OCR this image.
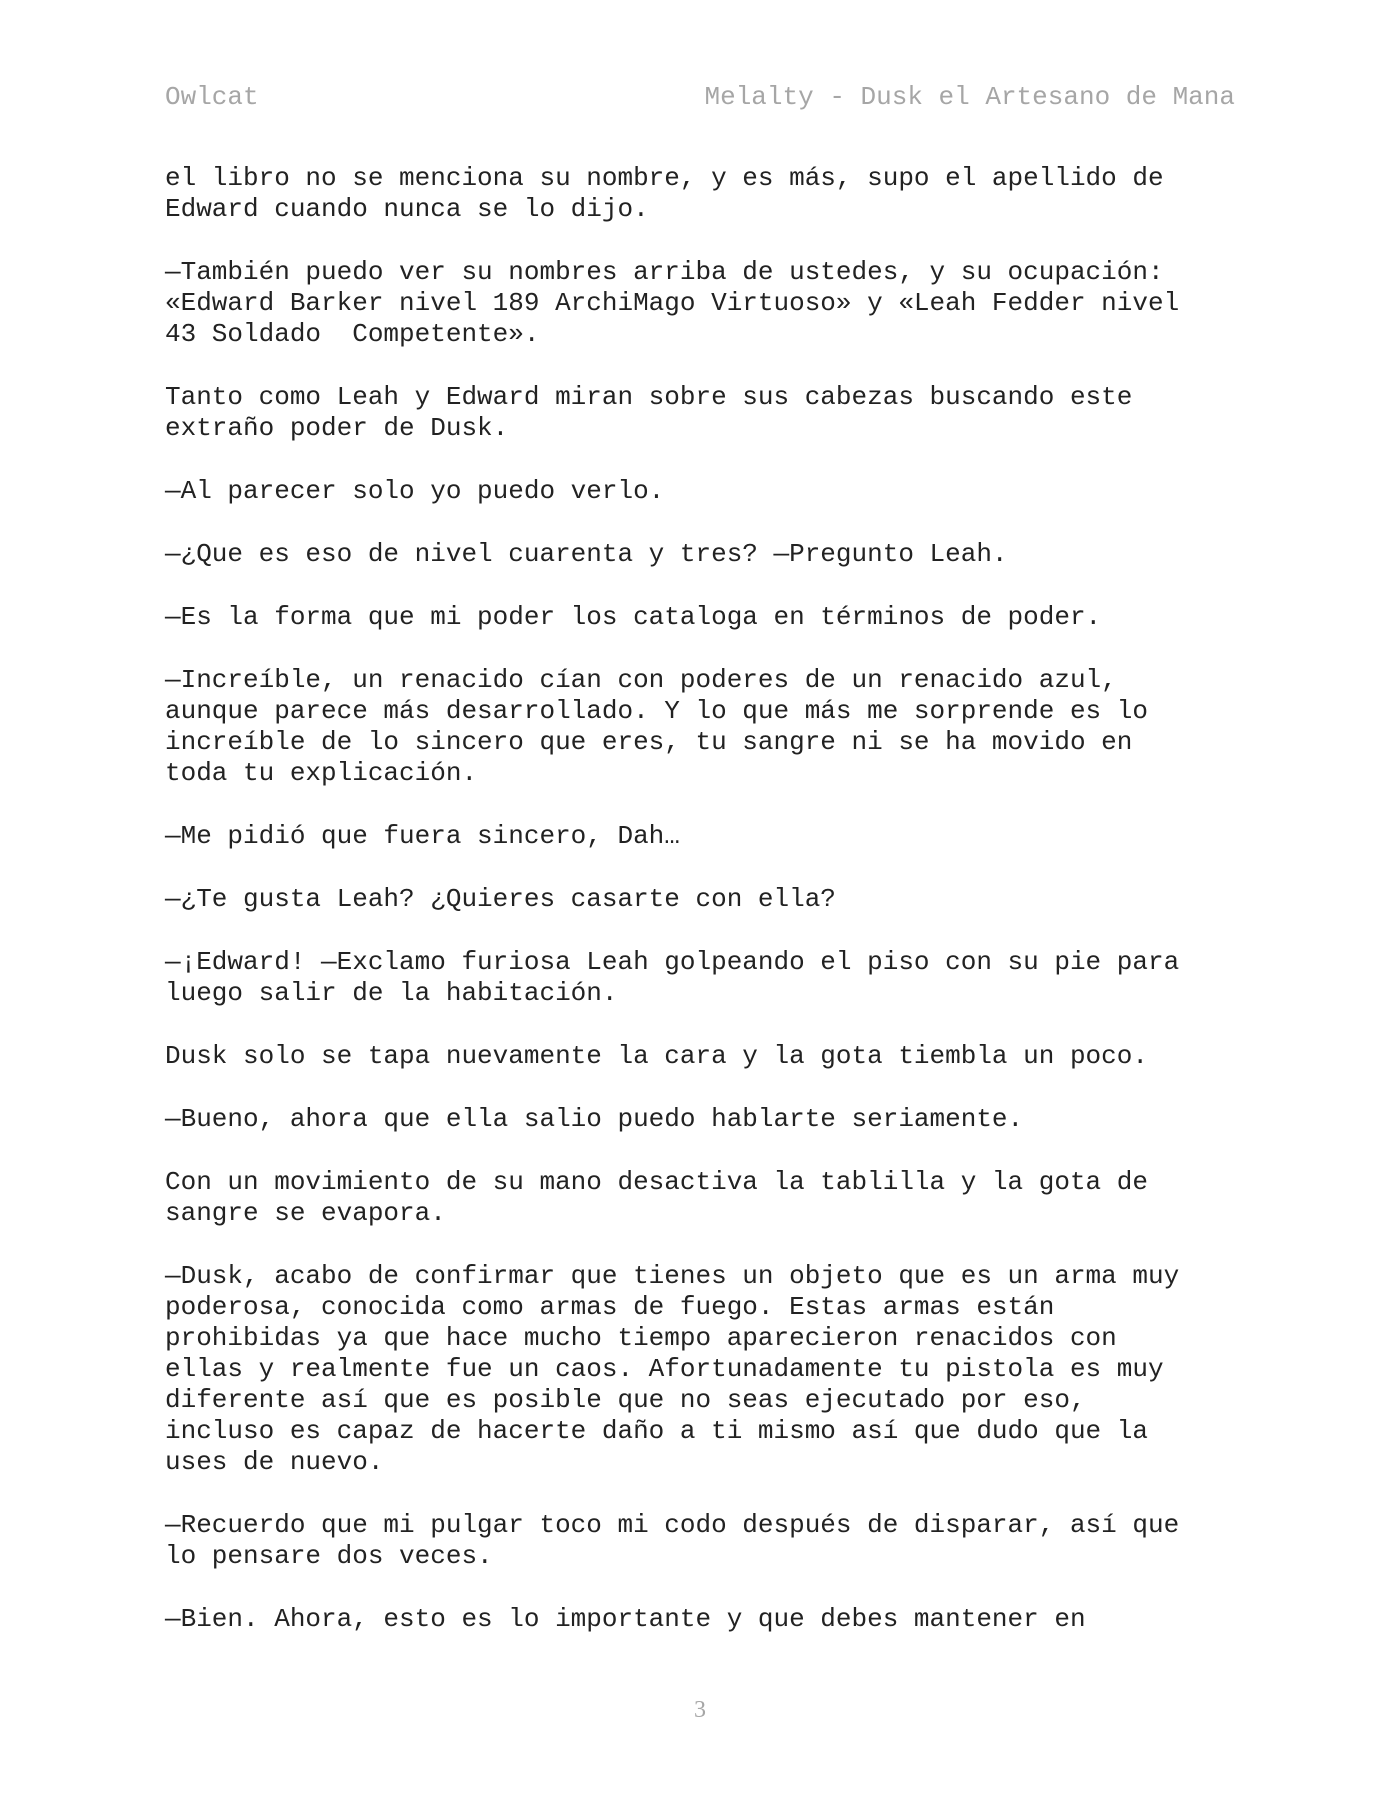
Owlcat	Melalty - Dusk el Artesano de Mana
el libro no se menciona su nombre, y es más, supo el apellido de
Edward cuando nunca se lo dijo.
—También puedo ver su nombres arriba de ustedes, y su ocupación:
«Edward Barker nivel 189 ArchiMago Virtuoso» y «Leah Fedder nivel
43 Soldado  Competente».
Tanto como Leah y Edward miran sobre sus cabezas buscando este
extraño poder de Dusk.
—Al parecer solo yo puedo verlo.
—¿Que es eso de nivel cuarenta y tres? —Pregunto Leah.
—Es la forma que mi poder los cataloga en términos de poder.
—Increíble, un renacido cían con poderes de un renacido azul,
aunque parece más desarrollado. Y lo que más me sorprende es lo
increíble de lo sincero que eres, tu sangre ni se ha movido en
toda tu explicación.
—Me pidió que fuera sincero, Dah…
—¿Te gusta Leah? ¿Quieres casarte con ella?
—¡Edward! —Exclamo furiosa Leah golpeando el piso con su pie para
luego salir de la habitación.
Dusk solo se tapa nuevamente la cara y la gota tiembla un poco.
—Bueno, ahora que ella salio puedo hablarte seriamente.
Con un movimiento de su mano desactiva la tablilla y la gota de
sangre se evapora.
—Dusk, acabo de confirmar que tienes un objeto que es un arma muy
poderosa, conocida como armas de fuego. Estas armas están
prohibidas ya que hace mucho tiempo aparecieron renacidos con
ellas y realmente fue un caos. Afortunadamente tu pistola es muy
diferente así que es posible que no seas ejecutado por eso,
incluso es capaz de hacerte daño a ti mismo así que dudo que la
uses de nuevo.
—Recuerdo que mi pulgar toco mi codo después de disparar, así que
lo pensare dos veces.
—Bien. Ahora, esto es lo importante y que debes mantener en
3
